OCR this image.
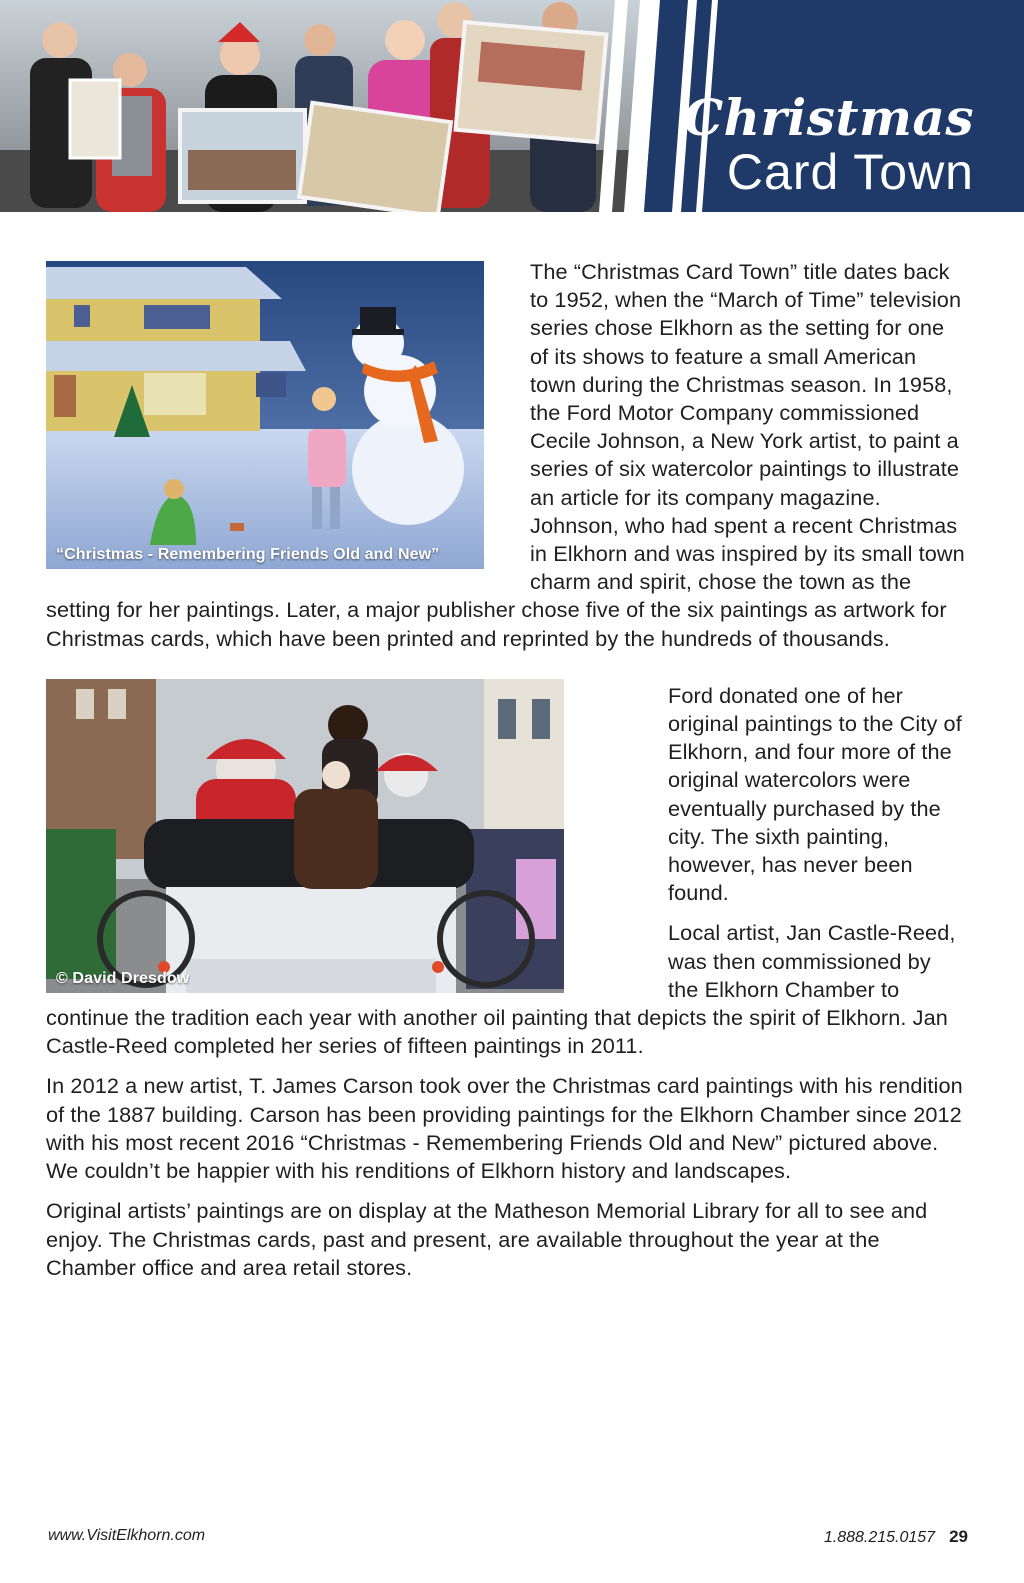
Christmas
Card Town
“Christmas - Remembering Friends Old and New”

The “Christmas Card Town” title dates back to 1952, when the “March of Time” television series chose Elkhorn as the setting for one of its shows to feature a small American town during the Christmas season. In 1958, the Ford Motor Company commissioned Cecile Johnson, a New York artist, to paint a series of six watercolor paintings to illustrate an article for its company magazine. Johnson, who had spent a recent Christmas in Elkhorn and was inspired by its small town charm and spirit, chose the town as the setting for her paintings. Later, a major publisher chose five of the six paintings as artwork for Christmas cards, which have been printed and reprinted by the hundreds of thousands.

© David Dresdow

Ford donated one of her original paintings to the City of Elkhorn, and four more of the original watercolors were eventually purchased by the city. The sixth painting, however, has never been found.

Local artist, Jan Castle-Reed, was then commissioned by the Elkhorn Chamber to continue the tradition each year with another oil painting that depicts the spirit of Elkhorn. Jan Castle-Reed completed her series of fifteen paintings in 2011.

In 2012 a new artist, T. James Carson took over the Christmas card paintings with his rendition of the 1887 building. Carson has been providing paintings for the Elkhorn Chamber since 2012 with his most recent 2016 “Christmas - Remembering Friends Old and New” pictured above. We couldn’t be happier with his renditions of Elkhorn history and landscapes.

Original artists’ paintings are on display at the Matheson Memorial Library for all to see and enjoy. The Christmas cards, past and present, are available throughout the year at the Chamber office and area retail stores.

www.VisitElkhorn.com	1.888.215.0157 29
